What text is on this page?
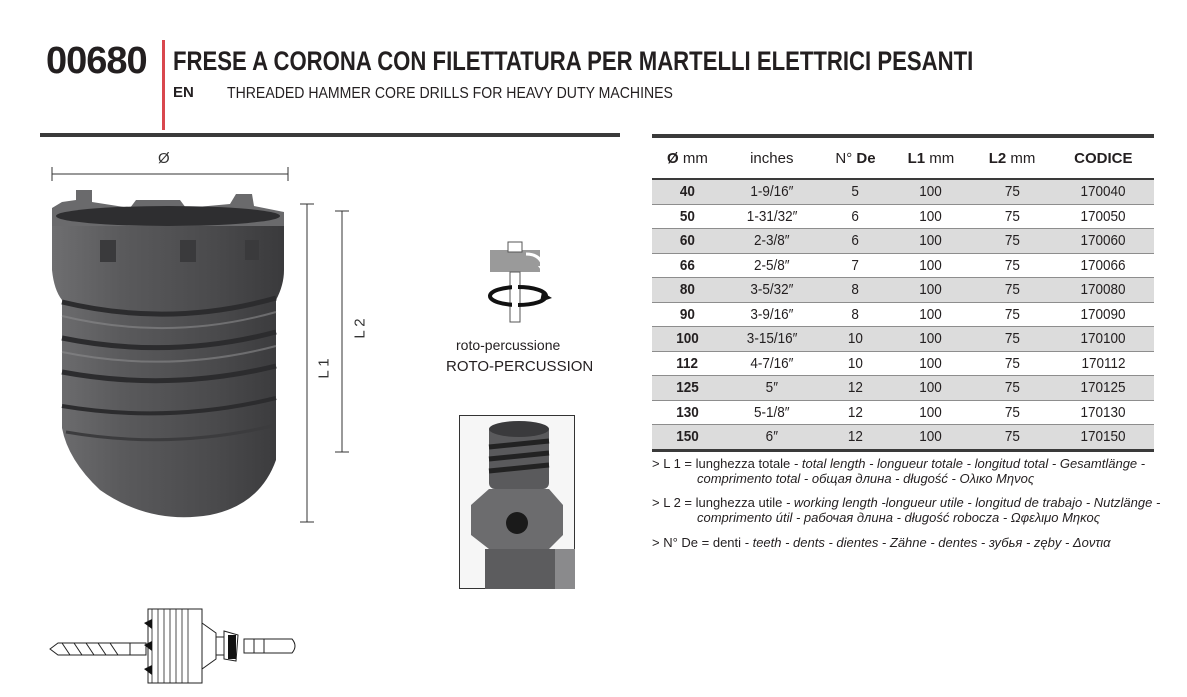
00680 FRESE A CORONA CON FILETTATURA PER MARTELLI ELETTRICI PESANTI
EN THREADED HAMMER CORE DRILLS FOR HEAVY DUTY MACHINES
Ø
L 1
L 2
roto-percussione
ROTO-PERCUSSION
Ø mm	inches	N° De	L1 mm	L2 mm	CODICE
40	1-9/16″	5	100	75	170040
50	1-31/32″	6	100	75	170050
60	2-3/8″	6	100	75	170060
66	2-5/8″	7	100	75	170066
80	3-5/32″	8	100	75	170080
90	3-9/16″	8	100	75	170090
100	3-15/16″	10	100	75	170100
112	4-7/16″	10	100	75	170112
125	5″	12	100	75	170125
130	5-1/8″	12	100	75	170130
150	6″	12	100	75	170150
> L 1 = lunghezza totale - total length - longueur totale - longitud total - Gesamtlänge -
comprimento total - общая длина - długość - Ολικο Μηνος
> L 2 = lunghezza utile - working length -longueur utile - longitud de trabajo - Nutzlänge -
comprimento útil - рабочая длина - długość robocza - Ωφελιμο Μηκος
> N° De = denti - teeth - dents - dientes - Zähne - dentes - зубья - zęby - Δοντια
